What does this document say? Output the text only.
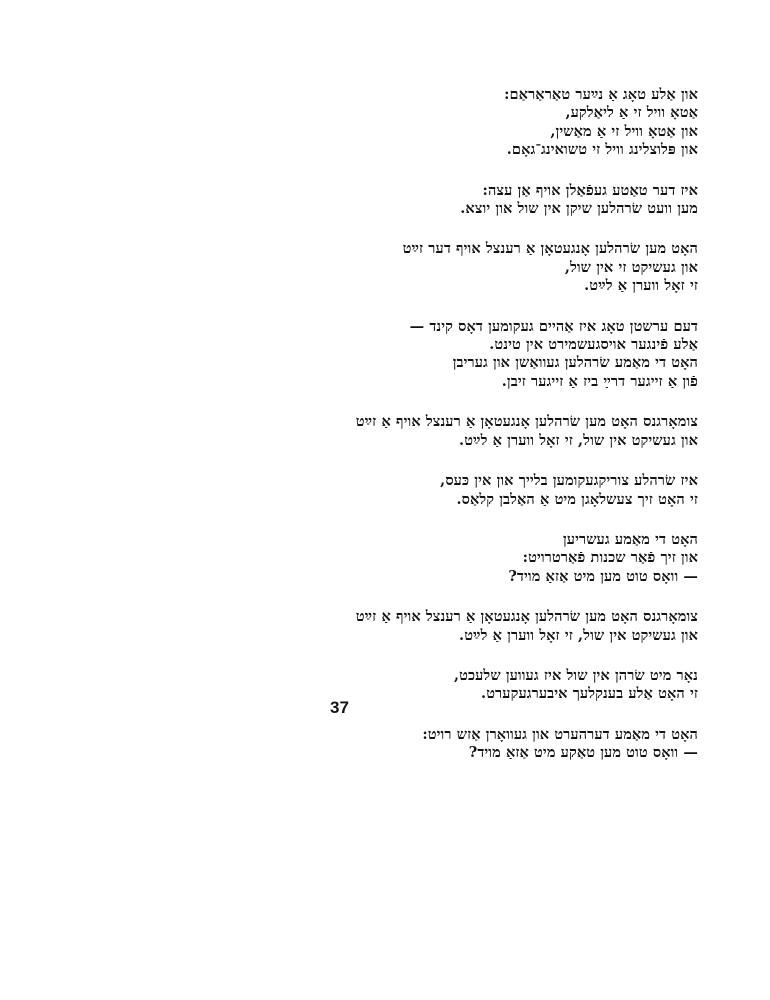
און אַלע טאָג אַ נײַער טאַראַראַם:
אַטאָ וויל זי אַ ליאַלקע,
און אַטאָ וויל זי אַ מאַשין,
און פּלוצלינג וויל זי טשואינג־גאָם.
איז דער טאַטע געפֿאַלן אויף אַן עצה:
מען וועט שׂרהלען שיקן אין שול און יוצא.
האָט מען שׂרהלען אָנגעטאָן אַ רענצל אויף דער זײַט
און געשיקט זי אין שול,
זי זאָל ווערן אַ לײַט.
דעם ערשטן טאָג איז אַהיים געקומען דאָס קינד —
אַלע פֿינגער אויסגעשמירט אין טינט.
האָט די מאַמע שׂרהלען געוואַשן און געריבן
פֿון אַ זייגער דרײַ ביז אַ זייגער זיבן.
צומאָרגנס האָט מען שׂרהלען אָנגעטאָן אַ רענצל אויף אַ זײַט
און געשיקט אין שול, זי זאָל ווערן אַ לײַט.
איז שׂרהלע צוריקגעקומען בלייך און אין כּעס,
זי האָט זיך צעשלאָגן מיט אַ האַלבן קלאַס.
האָט די מאַמע געשריען
און זיך פֿאַר שכנות פֿאַרטרויט:
— וואָס טוט מען מיט אַזאַ מויד?
צומאָרגנס האָט מען שׂרהלען אָנגעטאָן אַ רענצל אויף אַ זײַט
און געשיקט אין שול, זי זאָל ווערן אַ לײַט.
נאָר מיט שׂרהן אין שול איז געווען שלעכט,
זי האָט אַלע בענקלעך איבערגעקערט.
האָט די מאַמע דערהערט און געוואָרן אַזש רויט:
— וואָס טוט מען טאַקע מיט אַזאַ מויד?
37
